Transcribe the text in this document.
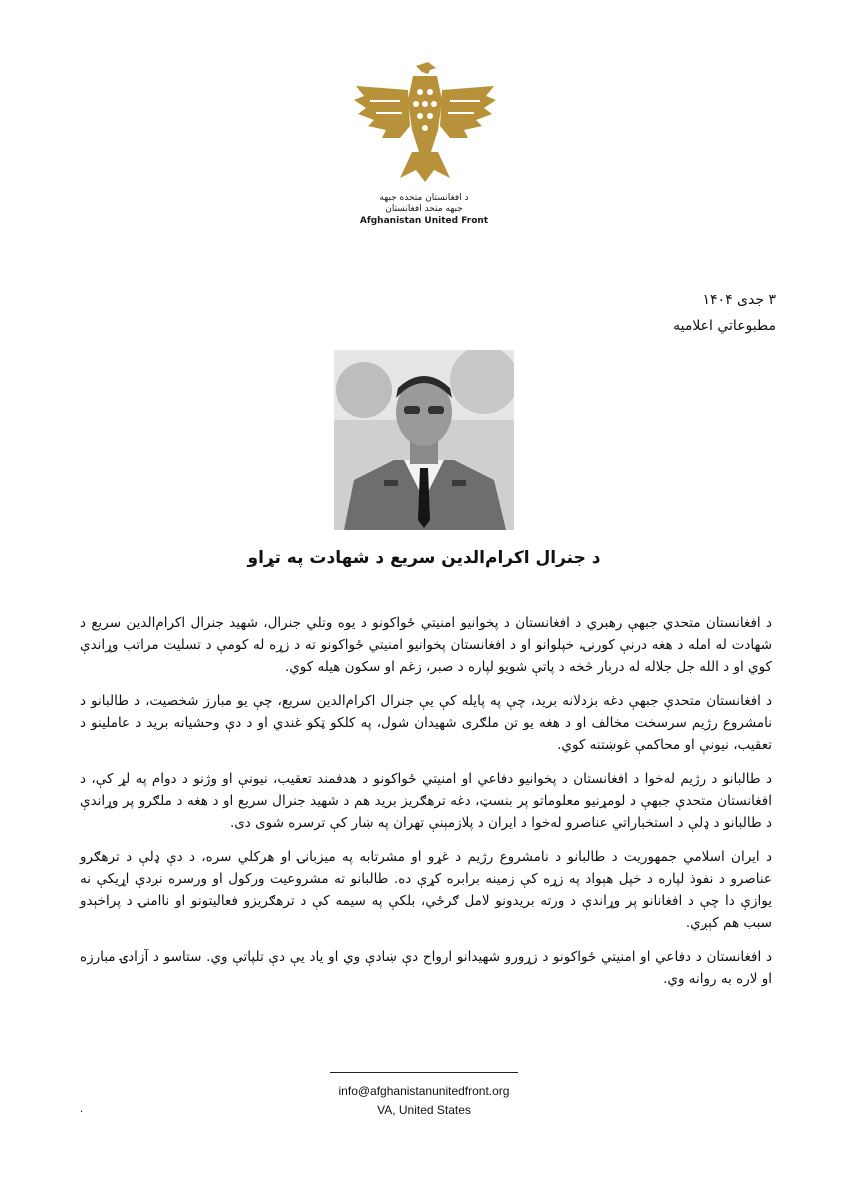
د افغانستان متحده جبهه
جبهه متحد افغانستان
Afghanistan United Front
۳ جدی ۱۴۰۴
مطبوعاتي اعلامیه
د جنرال اکرام‌الدین سریع د شهادت په تړاو

د افغانستان متحدي جبهې رهبري د افغانستان د پخوانیو امنیتي ځواکونو د یوه وتلي جنرال، شهید جنرال اکرام‌الدین سریع د شهادت له امله د هغه درنې کورنۍ، خپلوانو او د افغانستان پخوانیو امنیتي ځواکونو ته د زړه له کومې د تسلیت مراتب وړاندې کوي او د الله جل جلاله له دربار څخه د پاتې شویو لپاره د صبر، زغم او سکون هیله کوي.

د افغانستان متحدې جبهې دغه بزدلانه برید، چې په پایله کې یې جنرال اکرام‌الدین سریع، چې یو مبارز شخصیت، د طالبانو د نامشروع رژیم سرسخت مخالف او د هغه یو تن ملګری شهیدان شول، په کلکو ټکو غندي او د دې وحشیانه برید د عاملینو د تعقیب، نیونې او محاکمې غوښتنه کوي.

د طالبانو د رژیم له‌خوا د افغانستان د پخوانیو دفاعي او امنیتي ځواکونو د هدفمند تعقیب، نیونې او وژنو د دوام په لړ کې، د افغانستان متحدې جبهې د لومړنیو معلوماتو پر بنسټ، دغه ترهګریز برید هم د شهید جنرال سریع او د هغه د ملګرو پر وړاندې د طالبانو د ډلې د استخباراتي عناصرو له‌خوا د ایران د پلازمېنې تهران په ښار کې ترسره شوی دی.

د ایران اسلامي جمهوریت د طالبانو د نامشروع رژیم د غړو او مشرتابه په میزبانۍ او هرکلي سره، د دې ډلې د ترهګرو عناصرو د نفوذ لپاره د خپل هېواد په زړه کې زمینه برابره کړې ده. طالبانو ته مشروعیت ورکول او ورسره نږدې اړیکې نه یوازې دا چې د افغانانو پر وړاندې د ورته بریدونو لامل ګرځي، بلکې په سیمه کې د ترهګریزو فعالیتونو او ناامنۍ د پراخېدو سبب هم کېږي.

د افغانستان د دفاعي او امنیتي ځواکونو د زړورو شهیدانو ارواح دې ښادې وي او یاد یې دې تلپاتې وي. ستاسو د آزادۍ مبارزه او لاره به روانه وي.

info@afghanistanunitedfront.org
VA, United States
.
